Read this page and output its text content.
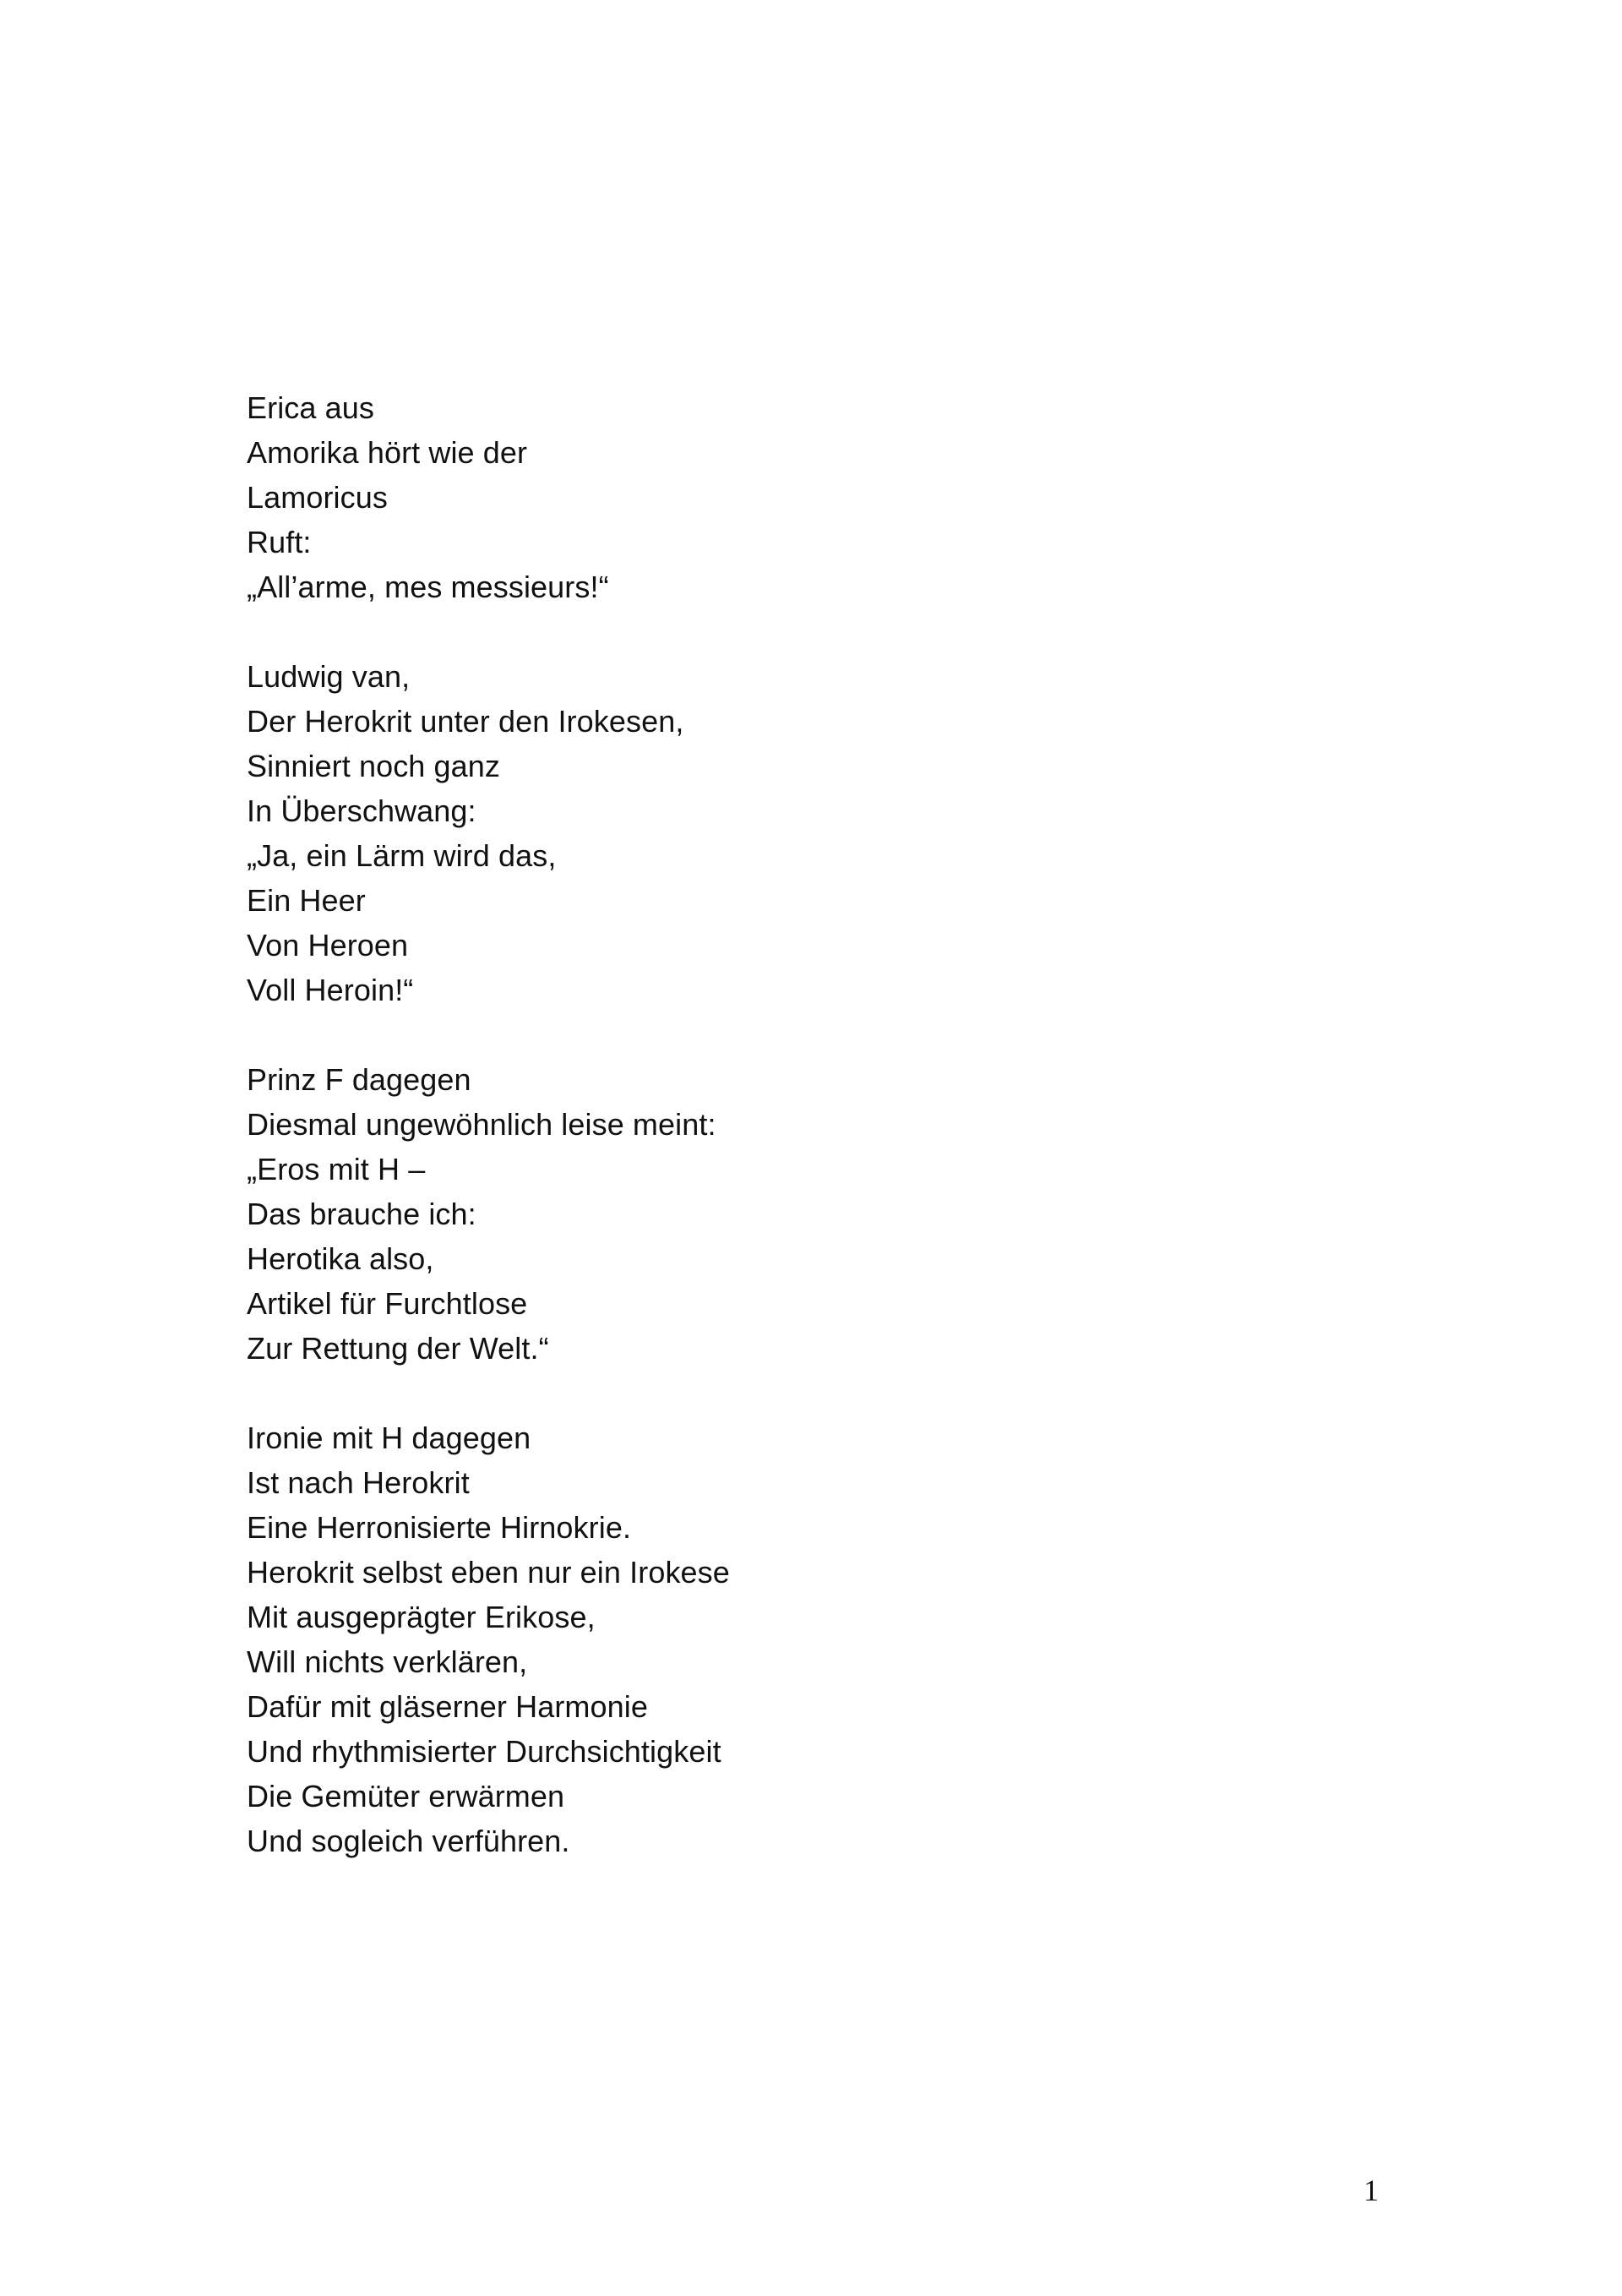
Erica aus
Amorika hört wie der
Lamoricus
Ruft:
„All’arme, mes messieurs!“
Ludwig van,
Der Herokrit unter den Irokesen,
Sinniert noch ganz
In Überschwang:
„Ja, ein Lärm wird das,
Ein Heer
Von Heroen
Voll Heroin!“
Prinz F dagegen
Diesmal ungewöhnlich leise meint:
„Eros mit H –
Das brauche ich:
Herotika also,
Artikel für Furchtlose
Zur Rettung der Welt.“
Ironie mit H dagegen
Ist nach Herokrit
Eine Herronisierte Hirnokrie.
Herokrit selbst eben nur ein Irokese
Mit ausgeprägter Erikose,
Will nichts verklären,
Dafür mit gläserner Harmonie
Und rhythmisierter Durchsichtigkeit
Die Gemüter erwärmen
Und sogleich verführen.
1
